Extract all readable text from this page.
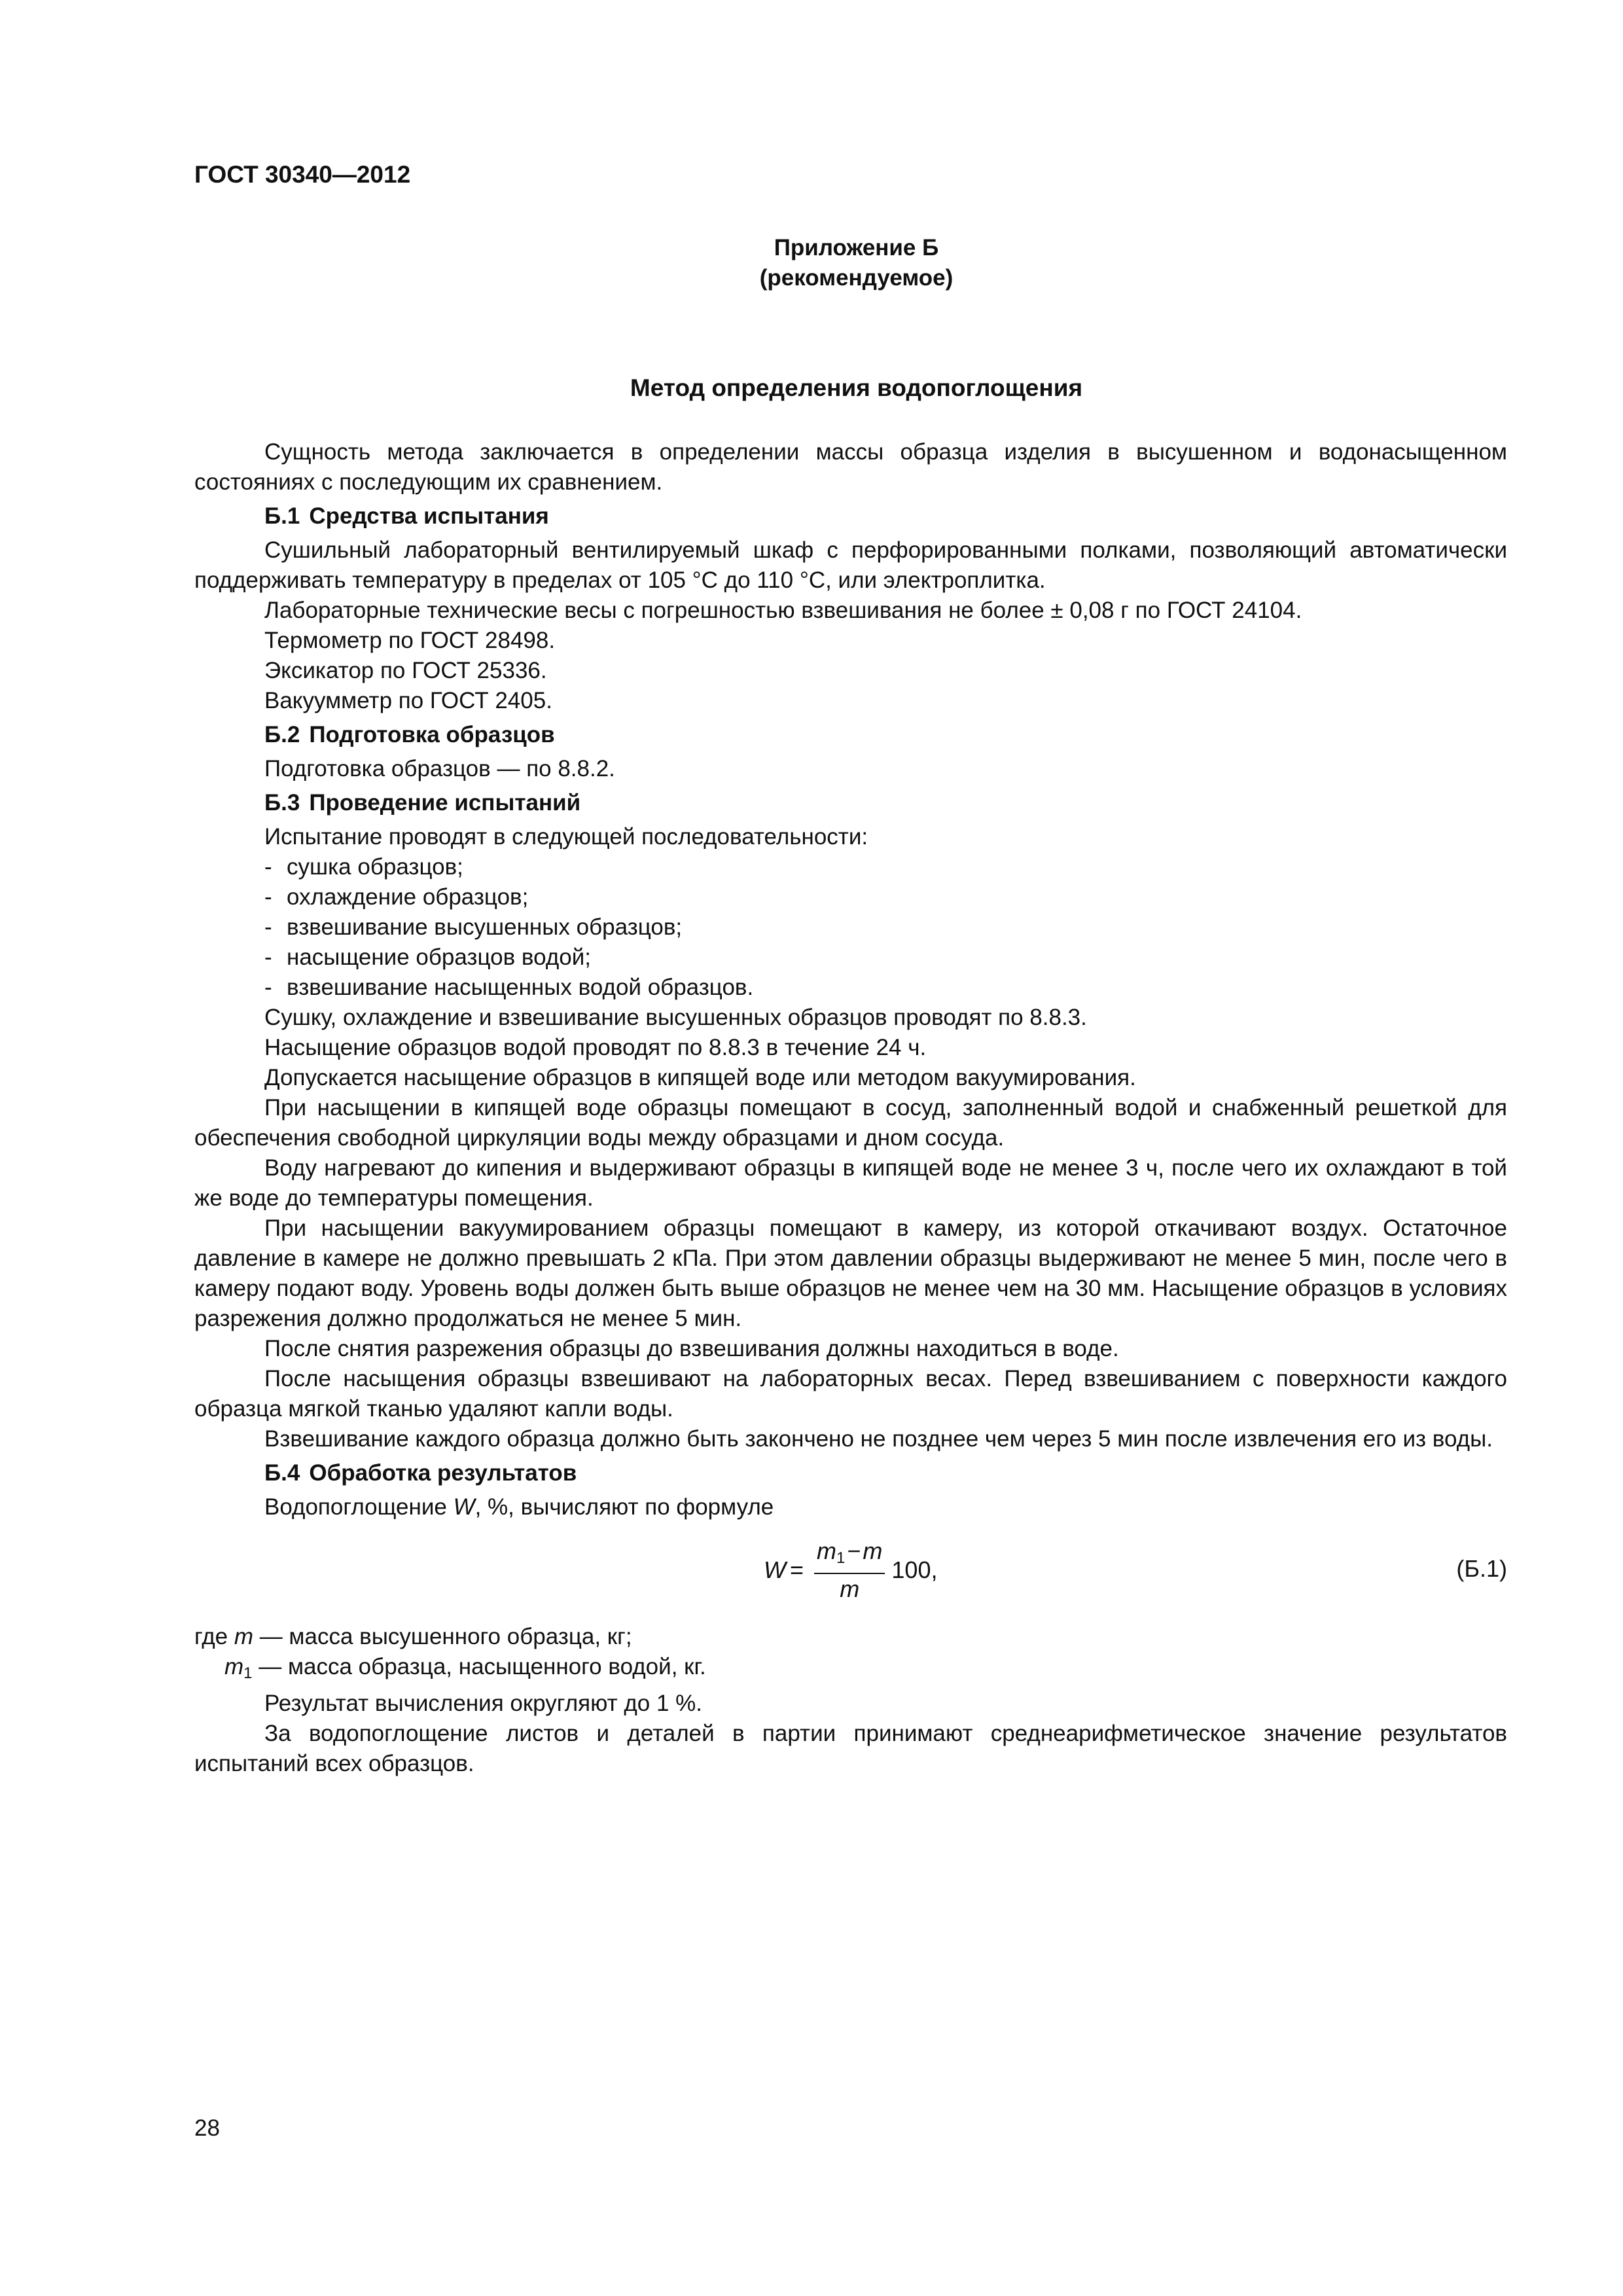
ГОСТ 30340—2012
Приложение Б
(рекомендуемое)
Метод определения водопоглощения

Сущность метода заключается в определении массы образца изделия в высушенном и водонасыщенном состояниях с последующим их сравнением.

Б.1 Средства испытания

Сушильный лабораторный вентилируемый шкаф с перфорированными полками, позволяющий автоматически поддерживать температуру в пределах от 105 °С до 110 °С, или электроплитка.

Лабораторные технические весы с погрешностью взвешивания не более ± 0,08 г по ГОСТ 24104.

Термометр по ГОСТ 28498.

Эксикатор по ГОСТ 25336.

Вакуумметр по ГОСТ 2405.

Б.2 Подготовка образцов

Подготовка образцов — по 8.8.2.

Б.3 Проведение испытаний

Испытание проводят в следующей последовательности:

- сушка образцов;
- охлаждение образцов;
- взвешивание высушенных образцов;
- насыщение образцов водой;
- взвешивание насыщенных водой образцов.

Сушку, охлаждение и взвешивание высушенных образцов проводят по 8.8.3.

Насыщение образцов водой проводят по 8.8.3 в течение 24 ч.

Допускается насыщение образцов в кипящей воде или методом вакуумирования.

При насыщении в кипящей воде образцы помещают в сосуд, заполненный водой и снабженный решеткой для обеспечения свободной циркуляции воды между образцами и дном сосуда.

Воду нагревают до кипения и выдерживают образцы в кипящей воде не менее 3 ч, после чего их охлаждают в той же воде до температуры помещения.

При насыщении вакуумированием образцы помещают в камеру, из которой откачивают воздух. Остаточное давление в камере не должно превышать 2 кПа. При этом давлении образцы выдерживают не менее 5 мин, после чего в камеру подают воду. Уровень воды должен быть выше образцов не менее чем на 30 мм. Насыщение образцов в условиях разрежения должно продолжаться не менее 5 мин.

После снятия разрежения образцы до взвешивания должны находиться в воде.

После насыщения образцы взвешивают на лабораторных весах. Перед взвешиванием с поверхности каждого образца мягкой тканью удаляют капли воды.

Взвешивание каждого образца должно быть закончено не позднее чем через 5 мин после извлечения его из воды.

Б.4 Обработка результатов

Водопоглощение W, %, вычисляют по формуле

$W = \frac{m_1-m}{m} 100$,	(Б.1)
где m — масса высушенного образца, кг;
$m_1$ — масса образца, насыщенного водой, кг.

Результат вычисления округляют до 1 %.

За водопоглощение листов и деталей в партии принимают среднеарифметическое значение результатов испытаний всех образцов.

28
